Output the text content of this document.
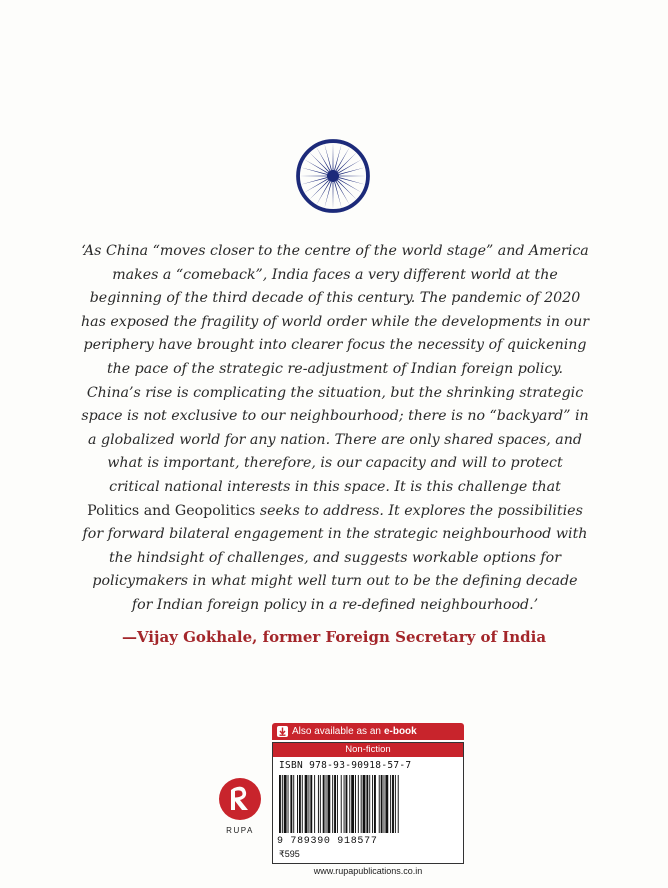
‘As China “moves closer to the centre of the world stage” and America
makes a “comeback”, India faces a very different world at the
beginning of the third decade of this century. The pandemic of 2020
has exposed the fragility of world order while the developments in our
periphery have brought into clearer focus the necessity of quickening
the pace of the strategic re-adjustment of Indian foreign policy.
China’s rise is complicating the situation, but the shrinking strategic
space is not exclusive to our neighbourhood; there is no “backyard” in
a globalized world for any nation. There are only shared spaces, and
what is important, therefore, is our capacity and will to protect
critical national interests in this space. It is this challenge that
Politics and Geopolitics seeks to address. It explores the possibilities
for forward bilateral engagement in the strategic neighbourhood with
the hindsight of challenges, and suggests workable options for
policymakers in what might well turn out to be the defining decade
for Indian foreign policy in a re-defined neighbourhood.’
—Vijay Gokhale, former Foreign Secretary of India
RUPA
Also available as an e-book
Non-fiction
ISBN 978-93-90918-57-7
9 789390 918577
₹595
www.rupapublications.co.in
